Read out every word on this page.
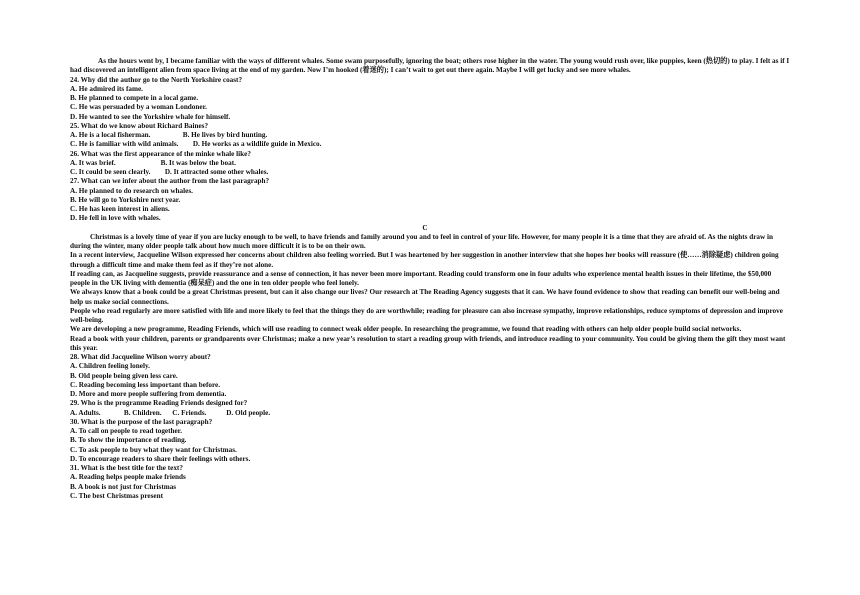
As the hours went by, I became familiar with the ways of different whales. Some swam purposefully, ignoring the boat; others rose higher in the water. The young would rush over, like puppies, keen (热切的) to play. I felt as if I had discovered an intelligent alien from space living at the end of my garden. Now I’m hooked (着迷的); I can’t wait to get out there again. Maybe I will get lucky and see more whales.

24. Why did the author go to the North Yorkshire coast?

A. He admired its fame.

B. He planned to compete in a local game.

C. He was persuaded by a woman Londoner.

D. He wanted to see the Yorkshire whale for himself.

25. What do we know about Richard Baines?

A. He is a local fisherman.                  B. He lives by bird hunting.

C. He is familiar with wild animals.        D. He works as a wildlife guide in Mexico.

26. What was the first appearance of the minke whale like?

A. It was brief.                         B. It was below the boat.

C. It could be seen clearly.        D. It attracted some other whales.

27. What can we infer about the author from the last paragraph?

A. He planned to do research on whales.

B. He will go to Yorkshire next year.

C. He has keen interest in aliens.

D. He fell in love with whales.

C

Christmas is a lovely time of year if you are lucky enough to be well, to have friends and family around you and to feel in control of your life. However, for many people it is a time that they are afraid of. As the nights draw in during the winter, many older people talk about how much more difficult it is to be on their own.

In a recent interview, Jacqueline Wilson expressed her concerns about children also feeling worried. But I was heartened by her suggestion in another interview that she hopes her books will reassure (使……消除疑虑) children going through a difficult time and make them feel as if they’re not alone.

If reading can, as Jacqueline suggests, provide reassurance and a sense of connection, it has never been more important. Reading could transform one in four adults who experience mental health issues in their lifetime, the $50,000 people in the UK living with dementia (痴呆症) and the one in ten older people who feel lonely.

We always know that a book could be a great Christmas present, but can it also change our lives? Our research at The Reading Agency suggests that it can. We have found evidence to show that reading can benefit our well-being and help us make social connections.

People who read regularly are more satisfied with life and more likely to feel that the things they do are worthwhile; reading for pleasure can also increase sympathy, improve relationships, reduce symptoms of depression and improve well-being.

We are developing a new programme, Reading Friends, which will use reading to connect weak older people. In researching the programme, we found that reading with others can help older people build social networks.

Read a book with your children, parents or grandparents over Christmas; make a new year’s resolution to start a reading group with friends, and introduce reading to your community. You could be giving them the gift they most want this year.

28. What did Jacqueline Wilson worry about?

A. Children feeling lonely.

B. Old people being given less care.

C. Reading becoming less important than before.

D. More and more people suffering from dementia.

29. Who is the programme Reading Friends designed for?

A. Adults.             B. Children.      C. Friends.           D. Old people.

30. What is the purpose of the last paragraph?

A. To call on people to read together.

B. To show the importance of reading.

C. To ask people to buy what they want for Christmas.

D. To encourage readers to share their feelings with others.

31. What is the best title for the text?

A. Reading helps people make friends

B. A book is not just for Christmas

C. The best Christmas present
